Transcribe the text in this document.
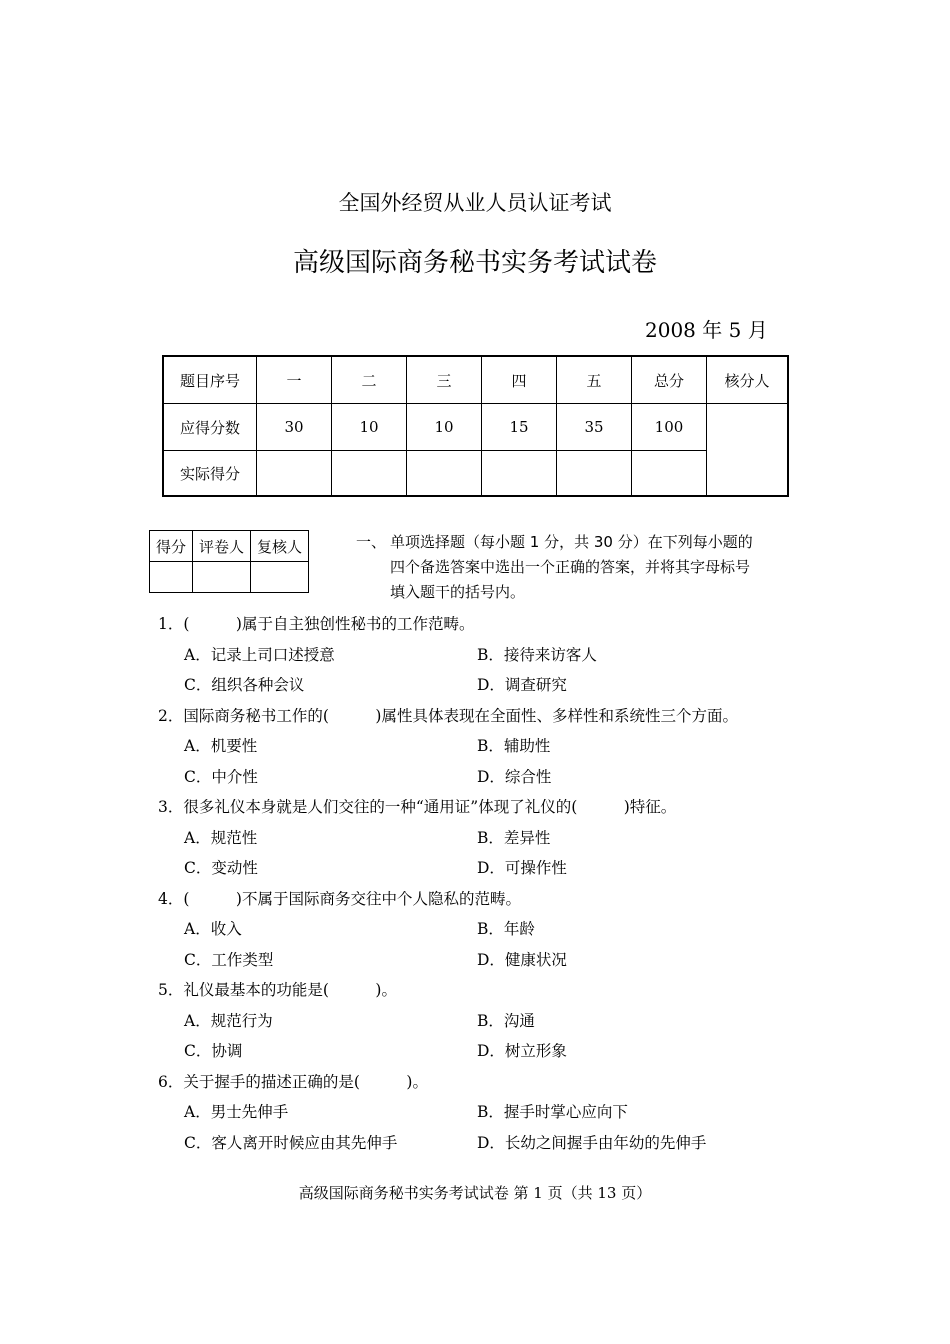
全国外经贸从业人员认证考试
高级国际商务秘书实务考试试卷
2008 年 5 月
题目序号	一	二	三	四	五	总分	核分人
应得分数	30	10	10	15	35	100	
实际得分							
得分	评卷人	复核人
			一、 单项选择题（每小题 1 分，共 30 分）在下列每小题的
四个备选答案中选出一个正确的答案，并将其字母标号
填入题干的括号内。
1．(　　　)属于自主独创性秘书的工作范畴。
A．记录上司口述授意	B．接待来访客人
C．组织各种会议	D．调查研究
2．国际商务秘书工作的(　　　)属性具体表现在全面性、多样性和系统性三个方面。
A．机要性	B．辅助性
C．中介性	D．综合性
3．很多礼仪本身就是人们交往的一种“通用证”体现了礼仪的(　　　)特征。
A．规范性	B．差异性
C．变动性	D．可操作性
4．(　　　)不属于国际商务交往中个人隐私的范畴。
A．收入	B．年龄
C．工作类型	D．健康状况
5．礼仪最基本的功能是(　　　)。
A．规范行为	B．沟通
C．协调	D．树立形象
6．关于握手的描述正确的是(　　　)。
A．男士先伸手	B．握手时掌心应向下
C．客人离开时候应由其先伸手	D．长幼之间握手由年幼的先伸手
高级国际商务秘书实务考试试卷 第 1 页（共 13 页）
